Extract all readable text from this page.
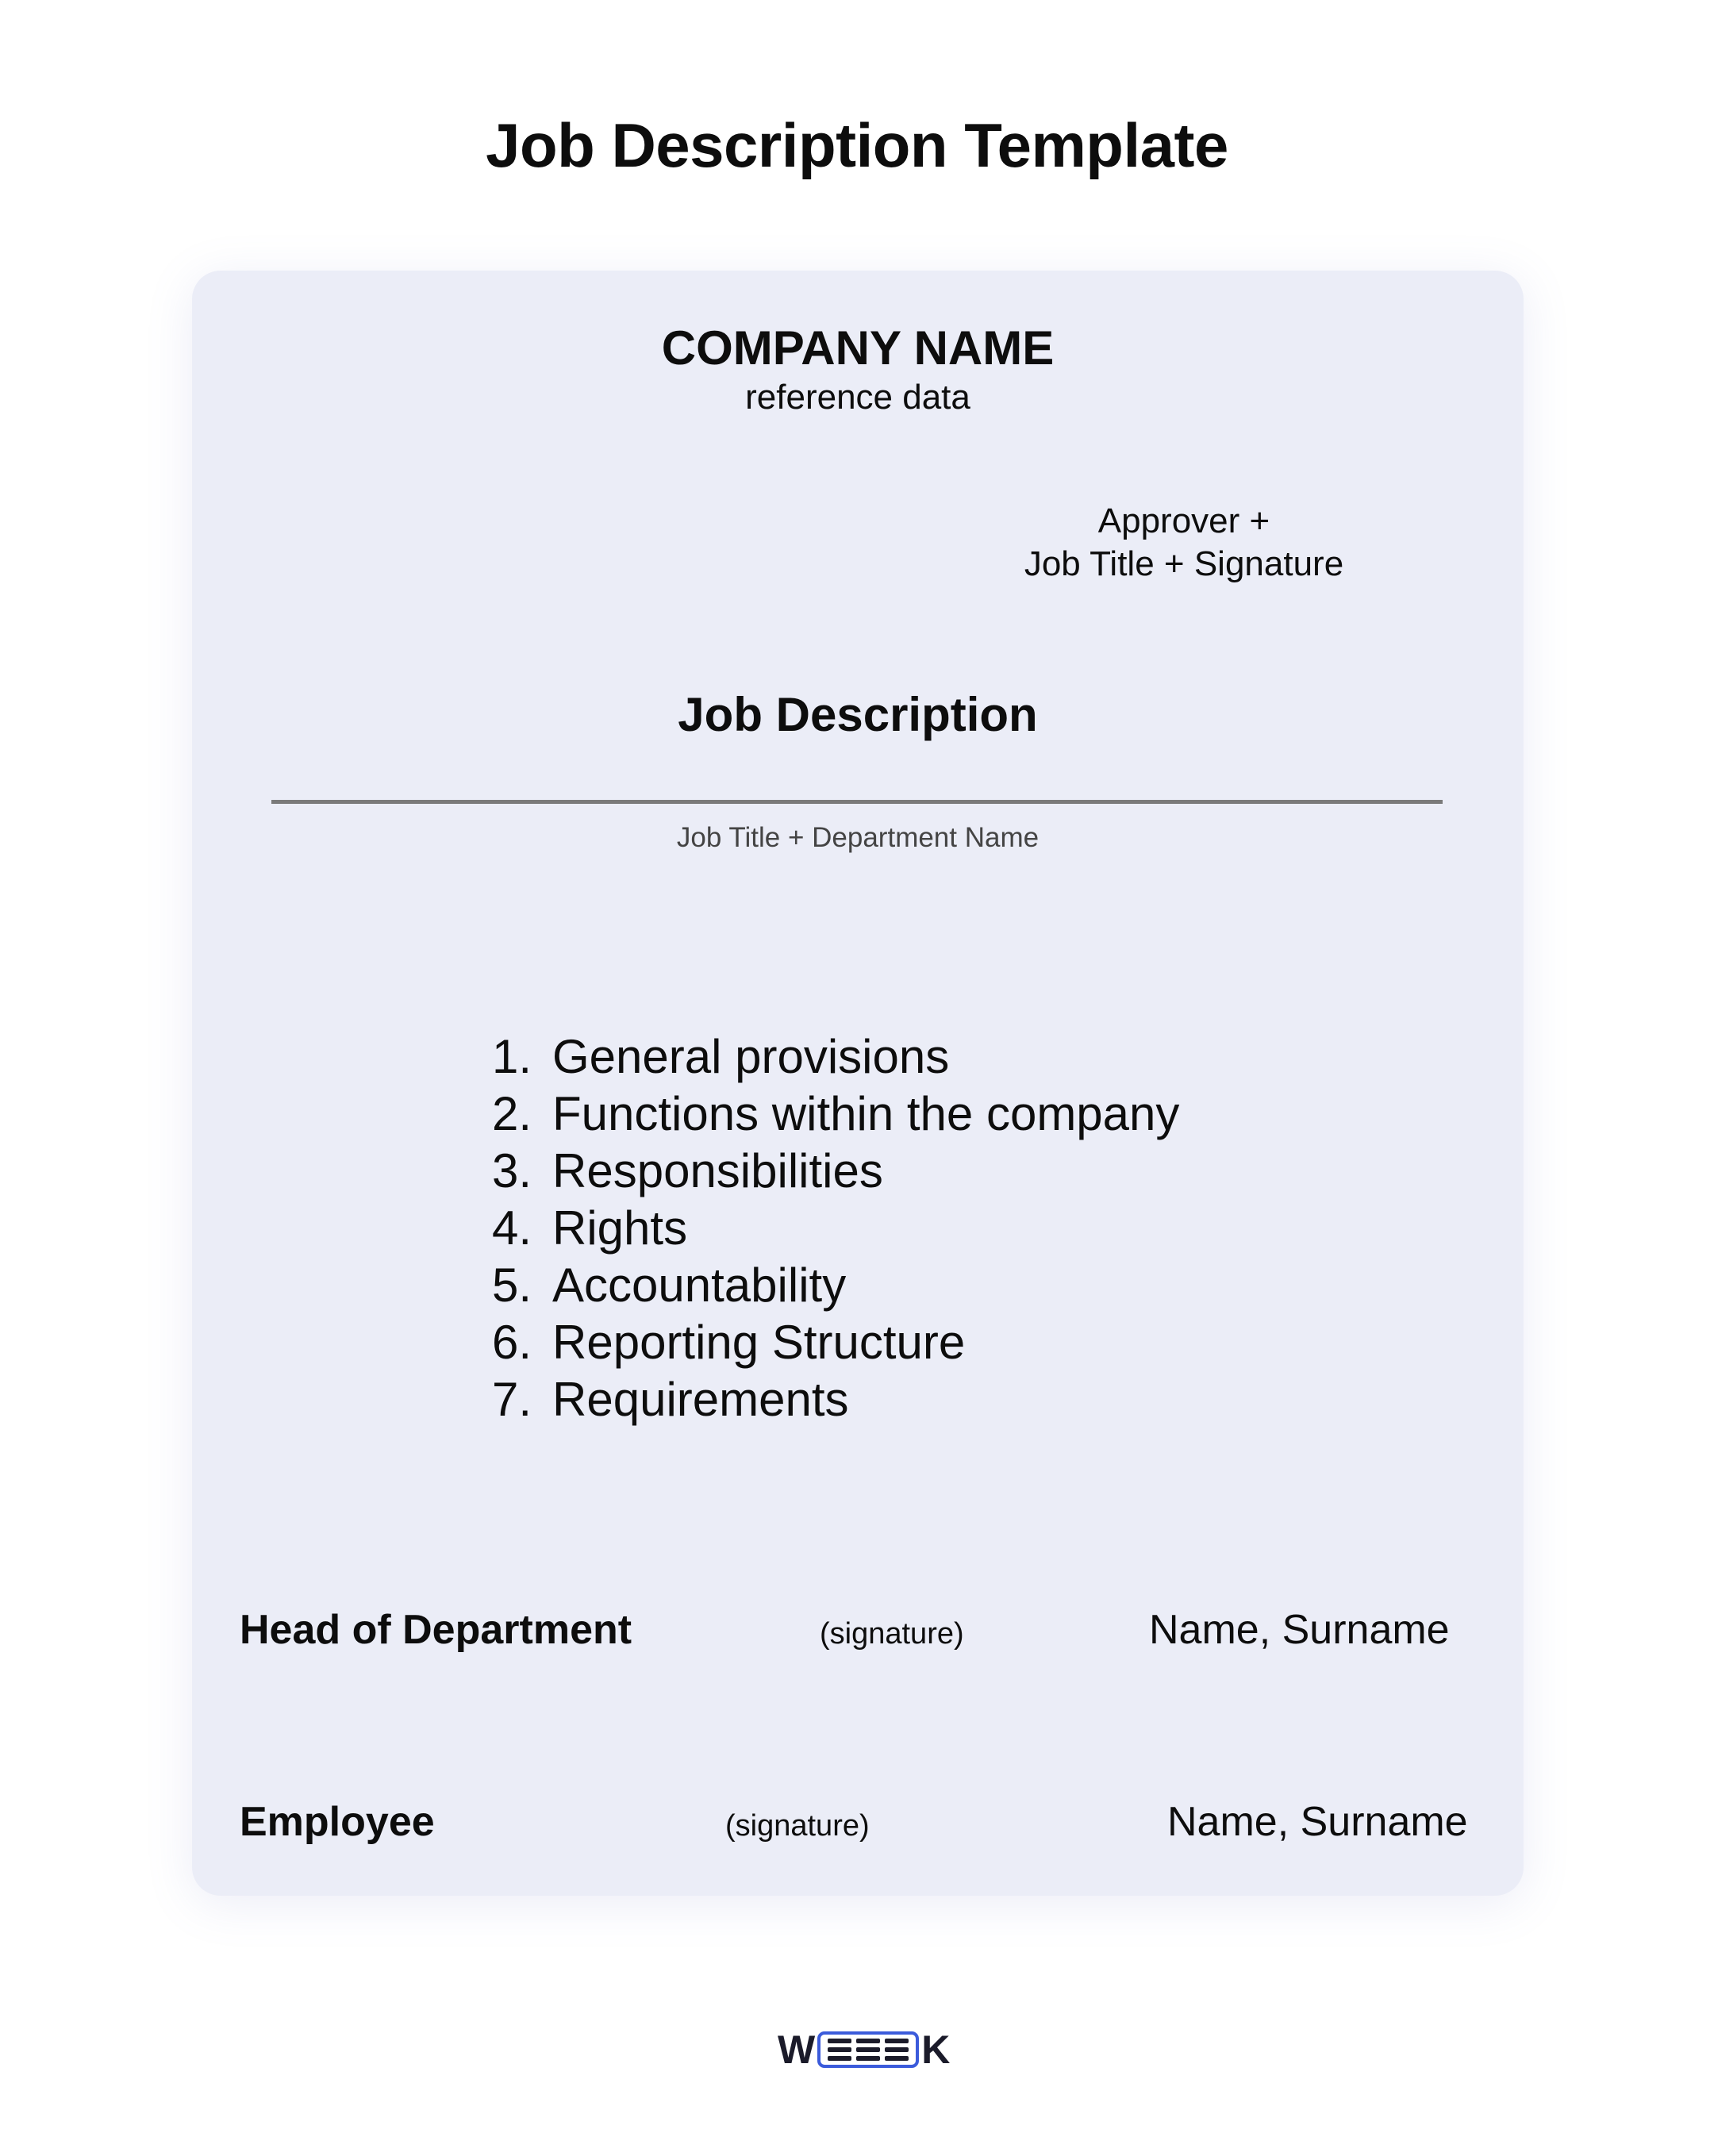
Job Description Template
COMPANY NAME
reference data
Approver +
Job Title + Signature
Job Description
Job Title + Department Name
1. General provisions
2. Functions within the company
3. Responsibilities
4. Rights
5. Accountability
6. Reporting Structure
7. Requirements
Head of Department	(signature)	Name, Surname
Employee	(signature)	Name, Surname
W	K
